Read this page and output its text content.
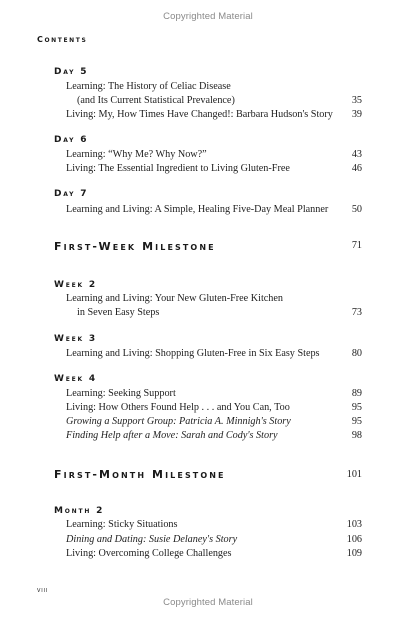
Copyrighted Material
Contents
Day 5
Learning: The History of Celiac Disease
(and Its Current Statistical Prevalence)	35
Living: My, How Times Have Changed!: Barbara Hudson's Story	39
Day 6
Learning: “Why Me? Why Now?”	43
Living: The Essential Ingredient to Living Gluten-Free	46
Day 7
Learning and Living: A Simple, Healing Five-Day Meal Planner	50
First-Week Milestone	71
Week 2
Learning and Living: Your New Gluten-Free Kitchen
in Seven Easy Steps	73
Week 3
Learning and Living: Shopping Gluten-Free in Six Easy Steps	80
Week 4
Learning: Seeking Support	89
Living: How Others Found Help . . . and You Can, Too	95
Growing a Support Group: Patricia A. Minnigh's Story	95
Finding Help after a Move: Sarah and Cody's Story	98
First-Month Milestone	101
Month 2
Learning: Sticky Situations	103
Dining and Dating: Susie Delaney's Story	106
Living: Overcoming College Challenges	109
viii
Copyrighted Material
